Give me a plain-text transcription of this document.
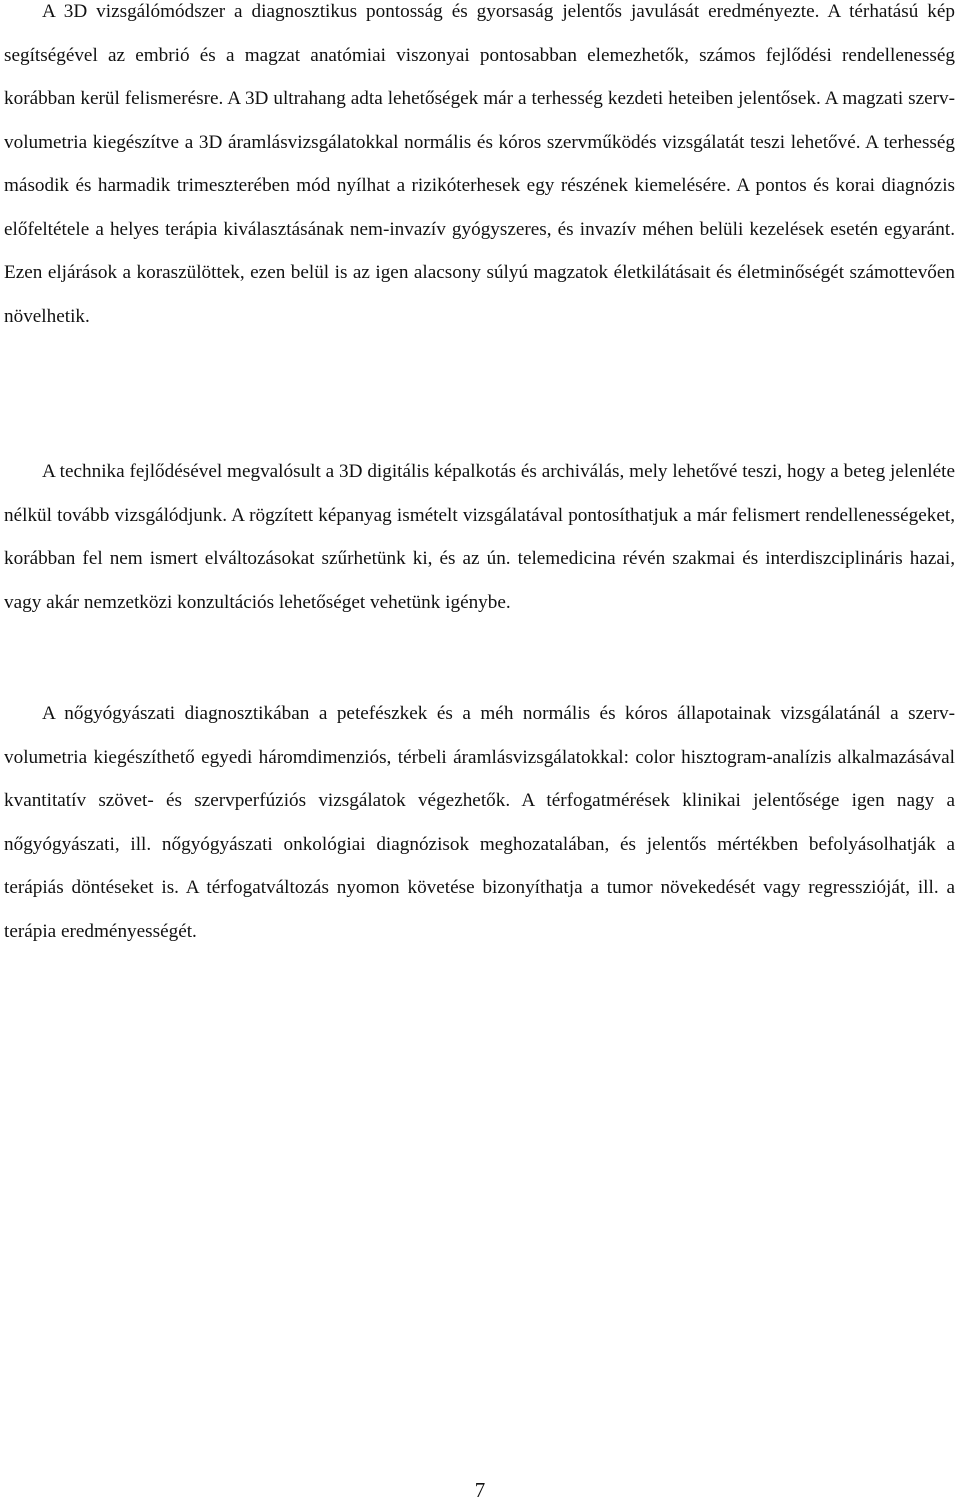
A 3D vizsgálómódszer a diagnosztikus pontosság és gyorsaság jelentős javulását eredményezte. A térhatású kép segítségével az embrió és a magzat anatómiai viszonyai pontosabban elemezhetők, számos fejlődési rendellenesség korábban kerül felismerésre. A 3D ultrahang adta lehetőségek már a terhesség kezdeti heteiben jelentősek. A magzati szerv-volumetria kiegészítve a 3D áramlásvizsgálatokkal normális és kóros szervműködés vizsgálatát teszi lehetővé. A terhesség második és harmadik trimeszterében mód nyílhat a rizikóterhesek egy részének kiemelésére. A pontos és korai diagnózis előfeltétele a helyes terápia kiválasztásának nem-invazív gyógyszeres, és invazív méhen belüli kezelések esetén egyaránt. Ezen eljárások a koraszülöttek, ezen belül is az igen alacsony súlyú magzatok életkilátásait és életminőségét számottevően növelhetik.

A technika fejlődésével megvalósult a 3D digitális képalkotás és archiválás, mely lehetővé teszi, hogy a beteg jelenléte nélkül tovább vizsgálódjunk. A rögzített képanyag ismételt vizsgálatával pontosíthatjuk a már felismert rendellenességeket, korábban fel nem ismert elváltozásokat szűrhetünk ki, és az ún. telemedicina révén szakmai és interdiszciplináris hazai, vagy akár nemzetközi konzultációs lehetőséget vehetünk igénybe.

A nőgyógyászati diagnosztikában a petefészkek és a méh normális és kóros állapotainak vizsgálatánál a szerv-volumetria kiegészíthető egyedi háromdimenziós, térbeli áramlásvizsgálatokkal: color hisztogram-analízis alkalmazásával kvantitatív szövet- és szervperfúziós vizsgálatok végezhetők. A térfogatmérések klinikai jelentősége igen nagy a nőgyógyászati, ill. nőgyógyászati onkológiai diagnózisok meghozatalában, és jelentős mértékben befolyásolhatják a terápiás döntéseket is. A térfogatváltozás nyomon követése bizonyíthatja a tumor növekedését vagy regresszióját, ill. a terápia eredményességét.

7
